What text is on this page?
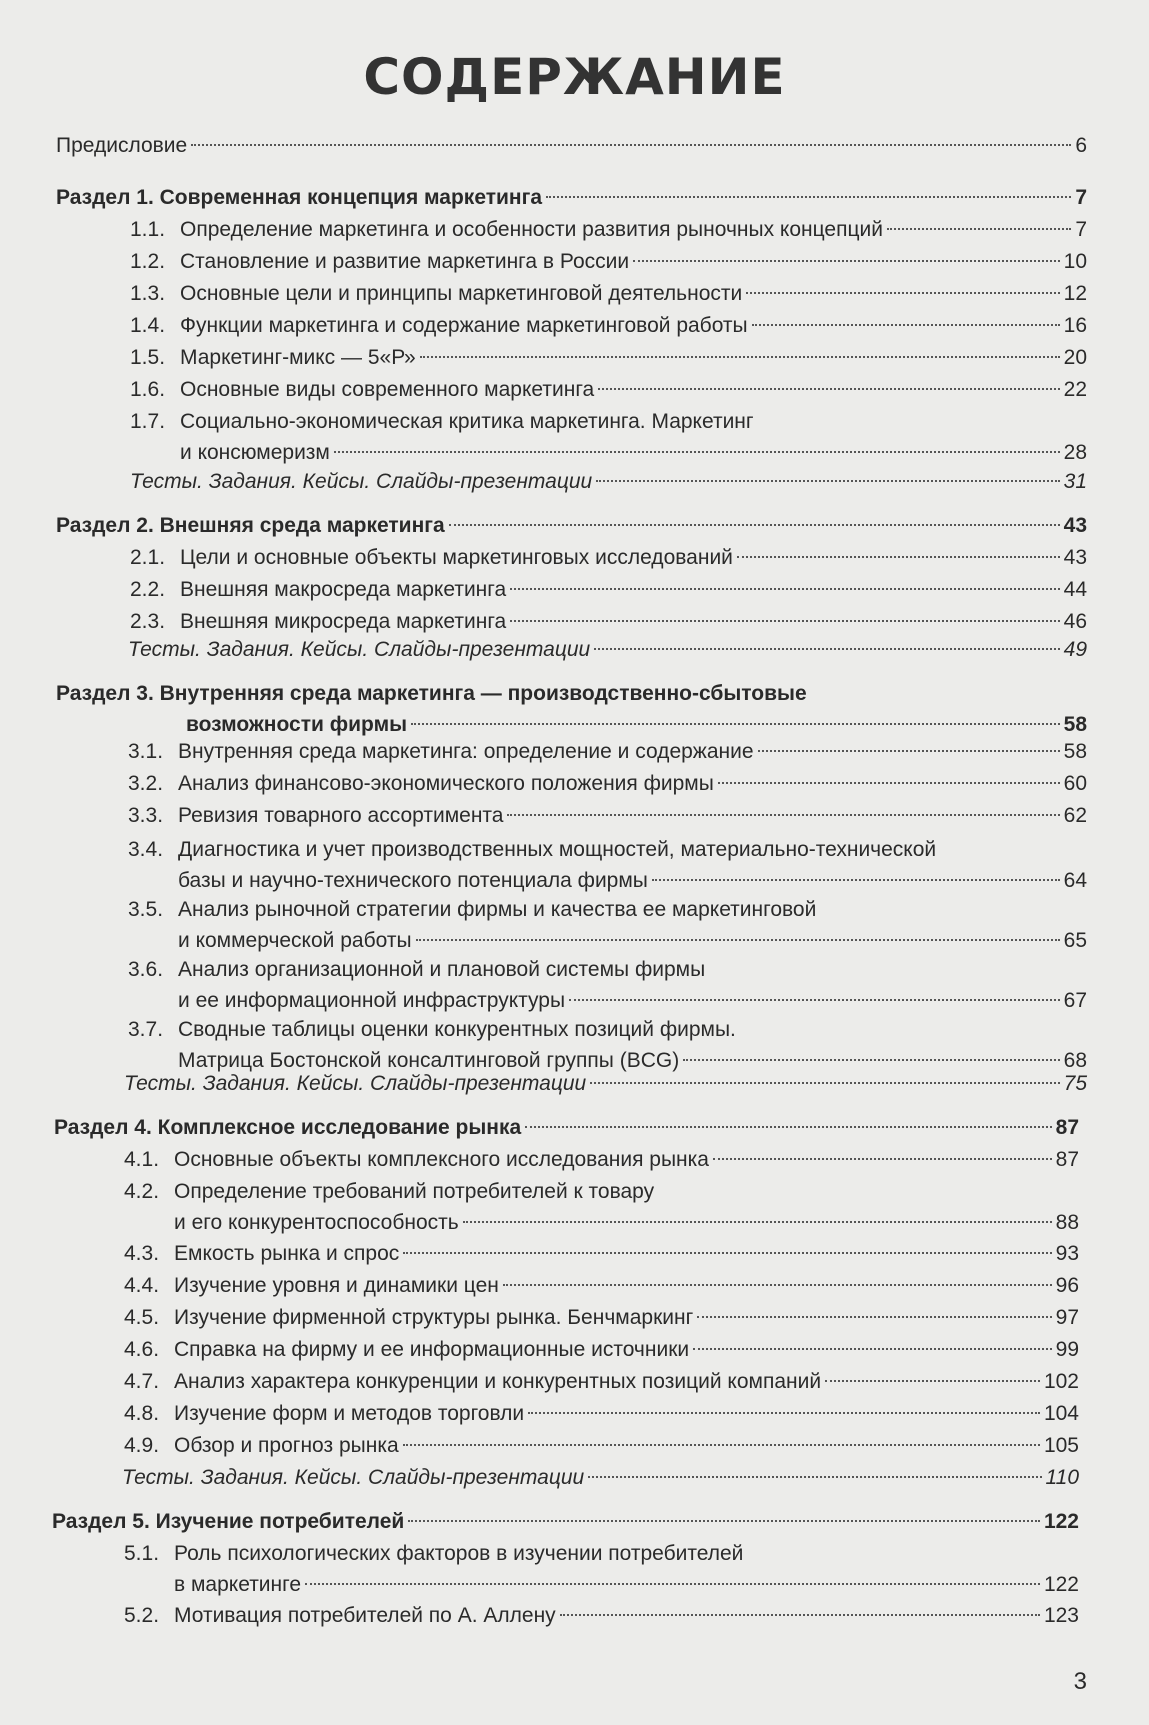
СОДЕРЖАНИЕ
Предисловие	6
Раздел 1. Современная концепция маркетинга	7
1.1. Определение маркетинга и особенности развития рыночных концепций	7
1.2. Становление и развитие маркетинга в России	10
1.3. Основные цели и принципы маркетинговой деятельности	12
1.4. Функции маркетинга и содержание маркетинговой работы	16
1.5. Маркетинг-микс — 5«Р»	20
1.6. Основные виды современного маркетинга	22
1.7. Социально-экономическая критика маркетинга. Маркетинг
и консюмеризм	28
Тесты. Задания. Кейсы. Слайды-презентации	31
Раздел 2. Внешняя среда маркетинга	43
2.1. Цели и основные объекты маркетинговых исследований	43
2.2. Внешняя макросреда маркетинга	44
2.3. Внешняя микросреда маркетинга	46
Тесты. Задания. Кейсы. Слайды-презентации	49
Раздел 3. Внутренняя среда маркетинга — производственно-сбытовые
возможности фирмы	58
3.1. Внутренняя среда маркетинга: определение и содержание	58
3.2. Анализ финансово-экономического положения фирмы	60
3.3. Ревизия товарного ассортимента	62
3.4. Диагностика и учет производственных мощностей, материально-технической
базы и научно-технического потенциала фирмы	64
3.5. Анализ рыночной стратегии фирмы и качества ее маркетинговой
и коммерческой работы	65
3.6. Анализ организационной и плановой системы фирмы
и ее информационной инфраструктуры	67
3.7. Сводные таблицы оценки конкурентных позиций фирмы.
Матрица Бостонской консалтинговой группы (BCG)	68
Тесты. Задания. Кейсы. Слайды-презентации	75
Раздел 4. Комплексное исследование рынка	87
4.1. Основные объекты комплексного исследования рынка	87
4.2. Определение требований потребителей к товару
и его конкурентоспособность	88
4.3. Емкость рынка и спрос	93
4.4. Изучение уровня и динамики цен	96
4.5. Изучение фирменной структуры рынка. Бенчмаркинг	97
4.6. Справка на фирму и ее информационные источники	99
4.7. Анализ характера конкуренции и конкурентных позиций компаний	102
4.8. Изучение форм и методов торговли	104
4.9. Обзор и прогноз рынка	105
Тесты. Задания. Кейсы. Слайды-презентации	110
Раздел 5. Изучение потребителей	122
5.1. Роль психологических факторов в изучении потребителей
в маркетинге	122
5.2. Мотивация потребителей по А. Аллену	123
3
